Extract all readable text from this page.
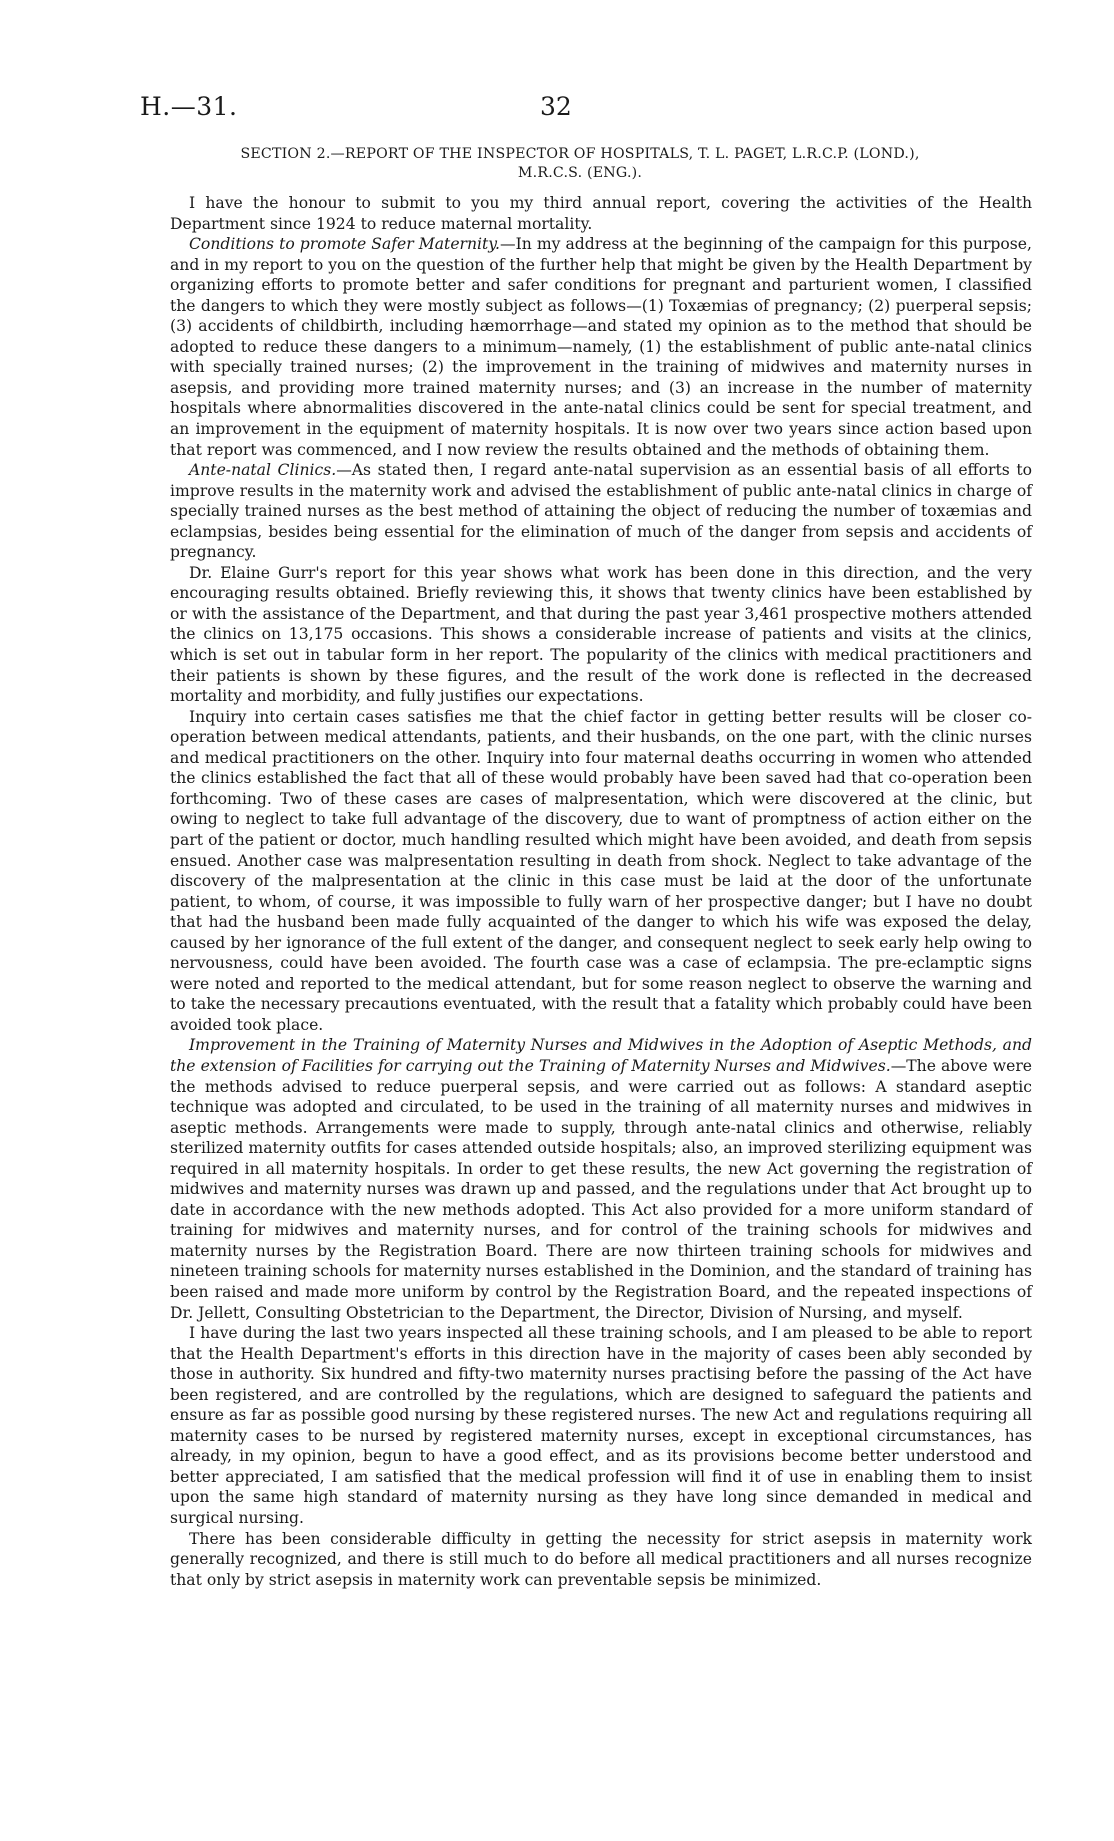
H.—31.	32
SECTION 2.—REPORT OF THE INSPECTOR OF HOSPITALS, T. L. PAGET, L.R.C.P. (LOND.),
M.R.C.S. (ENG.).

I have the honour to submit to you my third annual report, covering the activities of the Health Department since 1924 to reduce maternal mortality.

Conditions to promote Safer Maternity.—In my address at the beginning of the campaign for this purpose, and in my report to you on the question of the further help that might be given by the Health Department by organizing efforts to promote better and safer conditions for pregnant and parturient women, I classified the dangers to which they were mostly subject as follows—(1) Toxæmias of pregnancy; (2) puerperal sepsis; (3) accidents of childbirth, including hæmorrhage—and stated my opinion as to the method that should be adopted to reduce these dangers to a minimum—namely, (1) the establishment of public ante-natal clinics with specially trained nurses; (2) the improvement in the training of midwives and maternity nurses in asepsis, and providing more trained maternity nurses; and (3) an increase in the number of maternity hospitals where abnormalities discovered in the ante-natal clinics could be sent for special treatment, and an improvement in the equipment of maternity hospitals. It is now over two years since action based upon that report was commenced, and I now review the results obtained and the methods of obtaining them.

Ante-natal Clinics.—As stated then, I regard ante-natal supervision as an essential basis of all efforts to improve results in the maternity work and advised the establishment of public ante-natal clinics in charge of specially trained nurses as the best method of attaining the object of reducing the number of toxæmias and eclampsias, besides being essential for the elimination of much of the danger from sepsis and accidents of pregnancy.

Dr. Elaine Gurr's report for this year shows what work has been done in this direction, and the very encouraging results obtained. Briefly reviewing this, it shows that twenty clinics have been established by or with the assistance of the Department, and that during the past year 3,461 prospective mothers attended the clinics on 13,175 occasions. This shows a considerable increase of patients and visits at the clinics, which is set out in tabular form in her report. The popularity of the clinics with medical practitioners and their patients is shown by these figures, and the result of the work done is reflected in the decreased mortality and morbidity, and fully justifies our expectations.

Inquiry into certain cases satisfies me that the chief factor in getting better results will be closer co-operation between medical attendants, patients, and their husbands, on the one part, with the clinic nurses and medical practitioners on the other. Inquiry into four maternal deaths occurring in women who attended the clinics established the fact that all of these would probably have been saved had that co-operation been forthcoming. Two of these cases are cases of malpresentation, which were discovered at the clinic, but owing to neglect to take full advantage of the discovery, due to want of promptness of action either on the part of the patient or doctor, much handling resulted which might have been avoided, and death from sepsis ensued. Another case was malpresentation resulting in death from shock. Neglect to take advantage of the discovery of the malpresentation at the clinic in this case must be laid at the door of the unfortunate patient, to whom, of course, it was impossible to fully warn of her prospective danger; but I have no doubt that had the husband been made fully acquainted of the danger to which his wife was exposed the delay, caused by her ignorance of the full extent of the danger, and consequent neglect to seek early help owing to nervousness, could have been avoided. The fourth case was a case of eclampsia. The pre-eclamptic signs were noted and reported to the medical attendant, but for some reason neglect to observe the warning and to take the necessary precautions eventuated, with the result that a fatality which probably could have been avoided took place.

Improvement in the Training of Maternity Nurses and Midwives in the Adoption of Aseptic Methods, and the extension of Facilities for carrying out the Training of Maternity Nurses and Midwives.—The above were the methods advised to reduce puerperal sepsis, and were carried out as follows: A standard aseptic technique was adopted and circulated, to be used in the training of all maternity nurses and midwives in aseptic methods. Arrangements were made to supply, through ante-natal clinics and otherwise, reliably sterilized maternity outfits for cases attended outside hospitals; also, an improved sterilizing equipment was required in all maternity hospitals. In order to get these results, the new Act governing the registration of midwives and maternity nurses was drawn up and passed, and the regulations under that Act brought up to date in accordance with the new methods adopted. This Act also provided for a more uniform standard of training for midwives and maternity nurses, and for control of the training schools for midwives and maternity nurses by the Registration Board. There are now thirteen training schools for midwives and nineteen training schools for maternity nurses established in the Dominion, and the standard of training has been raised and made more uniform by control by the Registration Board, and the repeated inspections of Dr. Jellett, Consulting Obstetrician to the Department, the Director, Division of Nursing, and myself.

I have during the last two years inspected all these training schools, and I am pleased to be able to report that the Health Department's efforts in this direction have in the majority of cases been ably seconded by those in authority. Six hundred and fifty-two maternity nurses practising before the passing of the Act have been registered, and are controlled by the regulations, which are designed to safeguard the patients and ensure as far as possible good nursing by these registered nurses. The new Act and regulations requiring all maternity cases to be nursed by registered maternity nurses, except in exceptional circumstances, has already, in my opinion, begun to have a good effect, and as its provisions become better understood and better appreciated, I am satisfied that the medical profession will find it of use in enabling them to insist upon the same high standard of maternity nursing as they have long since demanded in medical and surgical nursing.

There has been considerable difficulty in getting the necessity for strict asepsis in maternity work generally recognized, and there is still much to do before all medical practitioners and all nurses recognize that only by strict asepsis in maternity work can preventable sepsis be minimized.
